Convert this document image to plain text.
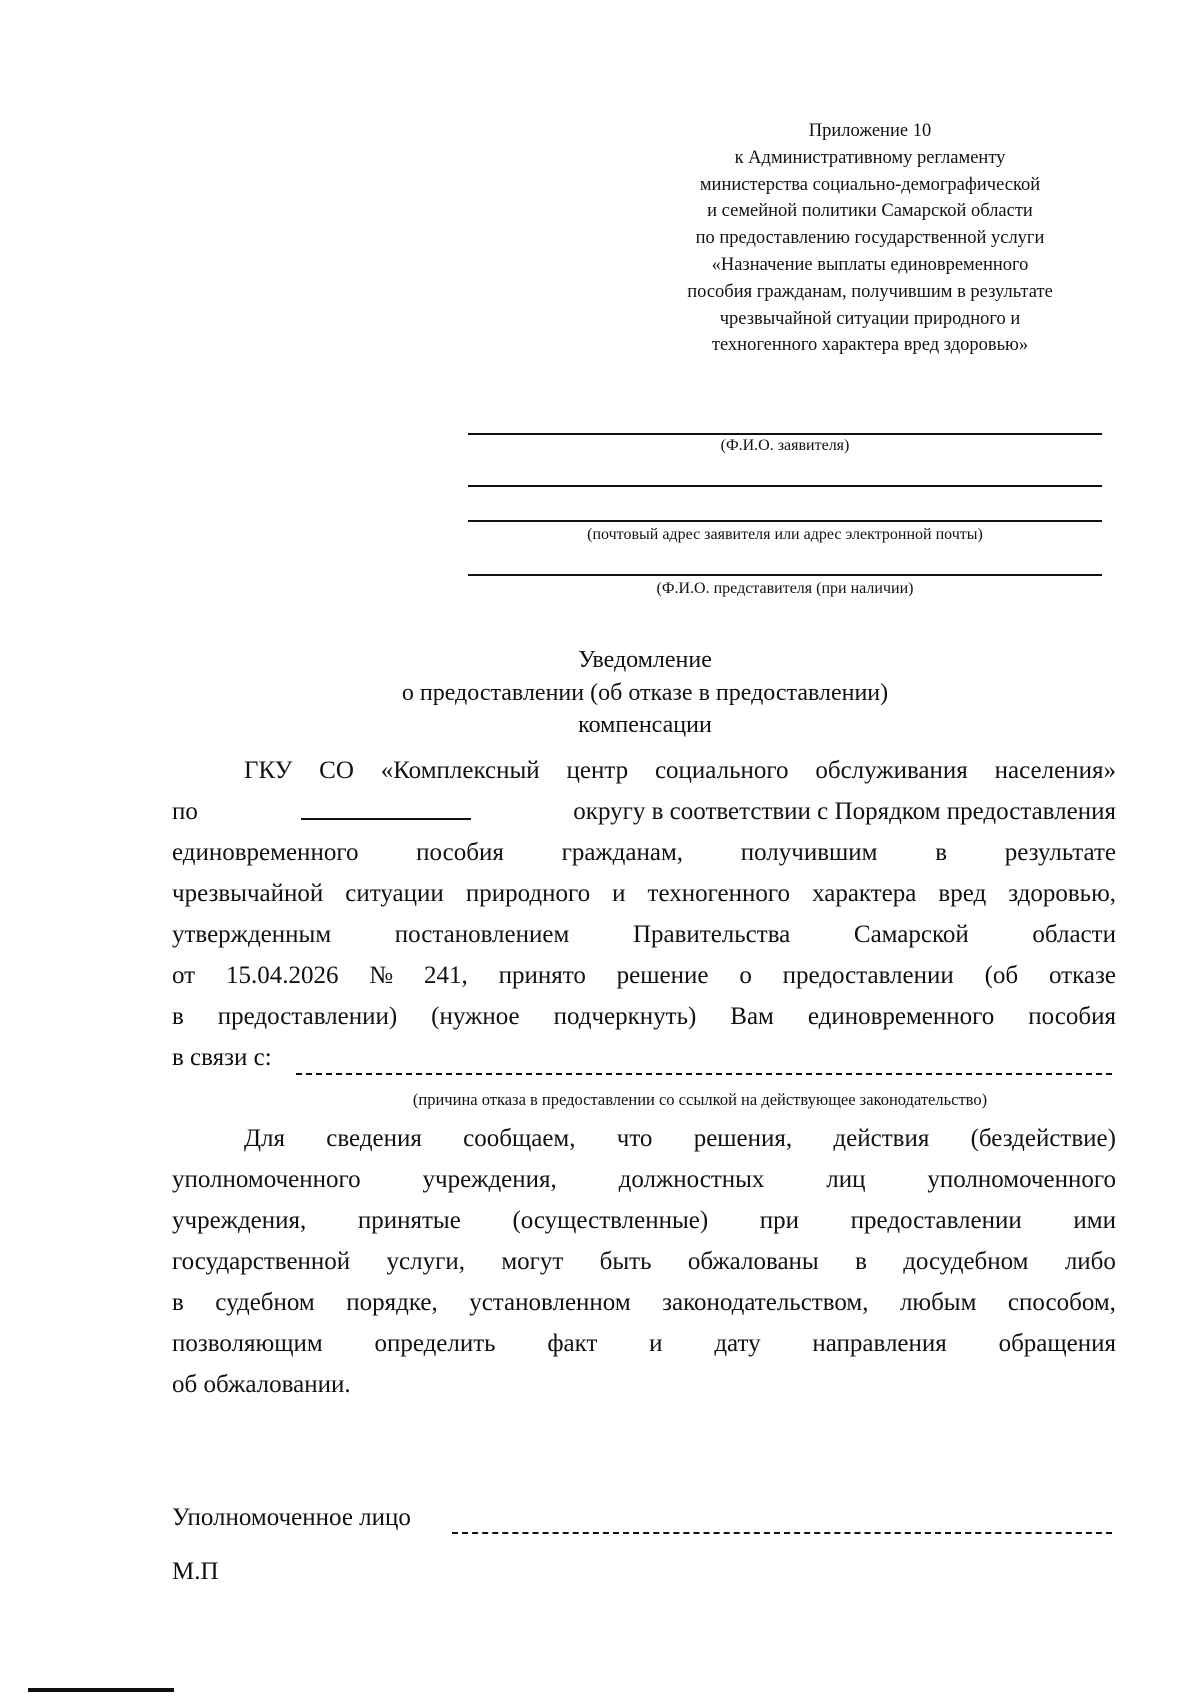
Приложение 10
к Административному регламенту
министерства социально-демографической
и семейной политики Самарской области
по предоставлению государственной услуги
«Назначение выплаты единовременного
пособия гражданам, получившим в результате
чрезвычайной ситуации природного и
техногенного характера вред здоровью»
(Ф.И.О. заявителя)
(почтовый адрес заявителя или адрес электронной почты)
(Ф.И.О. представителя (при наличии)
Уведомление
о предоставлении (об отказе в предоставлении)
компенсации
ГКУ СО «Комплексный центр социального обслуживания населения»
по	округу в соответствии с Порядком предоставления
единовременного пособия гражданам, получившим в результате
чрезвычайной ситуации природного и техногенного характера вред здоровью,
утвержденным	постановлением	Правительства	Самарской	области
от 15.04.2026 № 241, принято решение о предоставлении (об отказе
в предоставлении) (нужное подчеркнуть) Вам единовременного пособия
в связи с:
(причина отказа в предоставлении со ссылкой на действующее законодательство)
Для сведения сообщаем, что решения, действия (бездействие)
уполномоченного учреждения, должностных лиц уполномоченного
учреждения, принятые (осуществленные) при предоставлении ими
государственной услуги, могут быть обжалованы в досудебном либо
в судебном порядке, установленном законодательством, любым способом,
позволяющим определить факт и дату направления обращения
об обжаловании.
Уполномоченное лицо
М.П
